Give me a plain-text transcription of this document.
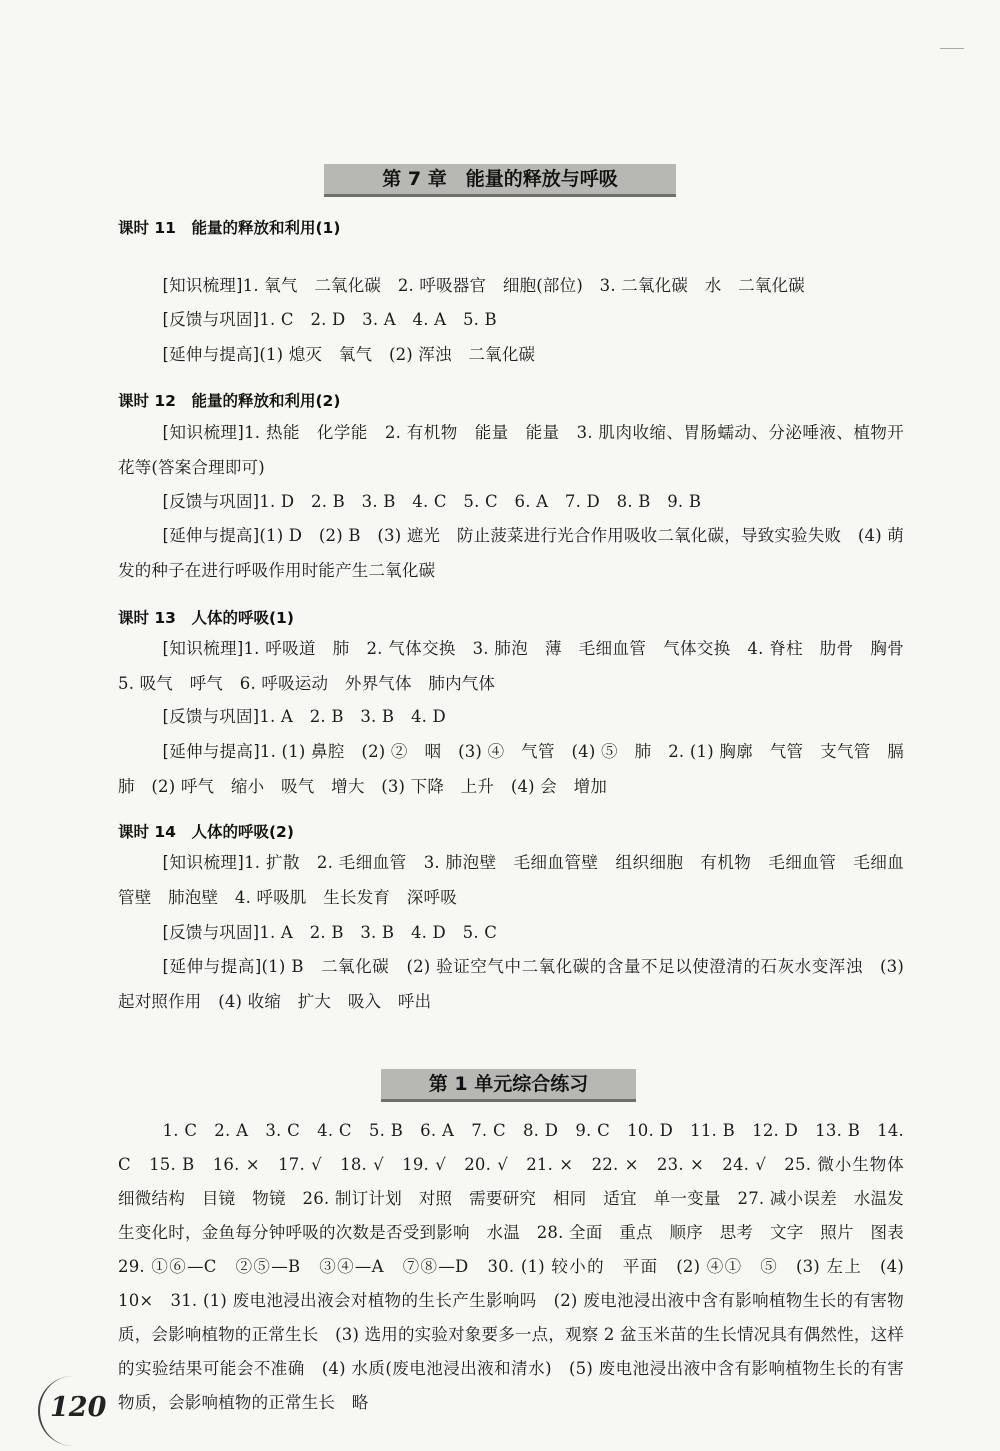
第 7 章　能量的释放与呼吸
课时 11　能量的释放和利用(1)
[知识梳理]1. 氧气　二氧化碳　2. 呼吸器官　细胞(部位)　3. 二氧化碳　水　二氧化碳
[反馈与巩固]1. C　2. D　3. A　4. A　5. B
[延伸与提高](1) 熄灭　氧气　(2) 浑浊　二氧化碳
课时 12　能量的释放和利用(2)
[知识梳理]1. 热能　化学能　2. 有机物　能量　能量　3. 肌肉收缩、胃肠蠕动、分泌唾液、植物开花等(答案合理即可)
[反馈与巩固]1. D　2. B　3. B　4. C　5. C　6. A　7. D　8. B　9. B
[延伸与提高](1) D　(2) B　(3) 遮光　防止菠菜进行光合作用吸收二氧化碳，导致实验失败　(4) 萌发的种子在进行呼吸作用时能产生二氧化碳
课时 13　人体的呼吸(1)
[知识梳理]1. 呼吸道　肺　2. 气体交换　3. 肺泡　薄　毛细血管　气体交换　4. 脊柱　肋骨　胸骨　5. 吸气　呼气　6. 呼吸运动　外界气体　肺内气体
[反馈与巩固]1. A　2. B　3. B　4. D
[延伸与提高]1. (1) 鼻腔　(2) ②　咽　(3) ④　气管　(4) ⑤　肺　2. (1) 胸廓　气管　支气管　膈　肺　(2) 呼气　缩小　吸气　增大　(3) 下降　上升　(4) 会　增加
课时 14　人体的呼吸(2)
[知识梳理]1. 扩散　2. 毛细血管　3. 肺泡壁　毛细血管壁　组织细胞　有机物　毛细血管　毛细血管壁　肺泡壁　4. 呼吸肌　生长发育　深呼吸
[反馈与巩固]1. A　2. B　3. B　4. D　5. C
[延伸与提高](1) B　二氧化碳　(2) 验证空气中二氧化碳的含量不足以使澄清的石灰水变浑浊　(3) 起对照作用　(4) 收缩　扩大　吸入　呼出
第 1 单元综合练习
1. C　2. A　3. C　4. C　5. B　6. A　7. C　8. D　9. C　10. D　11. B　12. D　13. B　14. C　15. B　16. ×　17. √　18. √　19. √　20. √　21. ×　22. ×　23. ×　24. √　25. 微小生物体　细微结构　目镜　物镜　26. 制订计划　对照　需要研究　相同　适宜　单一变量　27. 减小误差　水温发生变化时，金鱼每分钟呼吸的次数是否受到影响　水温　28. 全面　重点　顺序　思考　文字　照片　图表　29. ①⑥—C　②⑤—B　③④—A　⑦⑧—D　30. (1) 较小的　平面　(2) ④①　⑤　(3) 左上　(4) 10×　31. (1) 废电池浸出液会对植物的生长产生影响吗　(2) 废电池浸出液中含有影响植物生长的有害物质，会影响植物的正常生长　(3) 选用的实验对象要多一点，观察 2 盆玉米苗的生长情况具有偶然性，这样的实验结果可能会不准确　(4) 水质(废电池浸出液和清水)　(5) 废电池浸出液中含有影响植物生长的有害物质，会影响植物的正常生长　略
120
